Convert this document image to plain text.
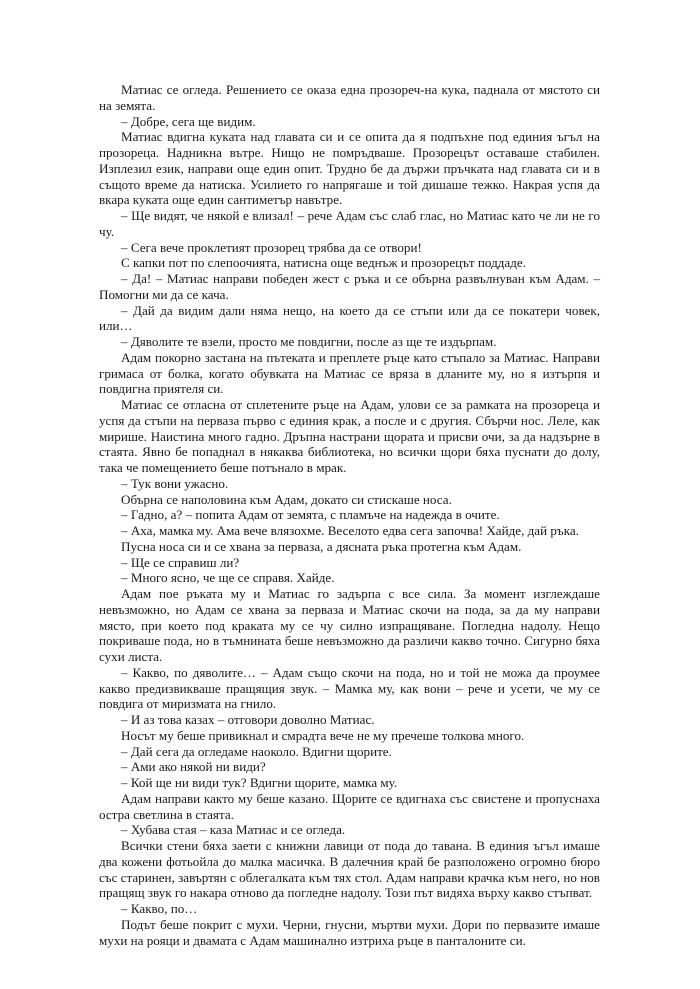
Матиас се огледа. Решението се оказа една прозореч-на кука, паднала от мястото си на земята.

– Добре, сега ще видим.

Матиас вдигна куката над главата си и се опита да я подпъхне под единия ъгъл на прозореца. Надникна вътре. Нищо не помръдваше. Прозорецът оставаше стабилен. Изплезил език, направи още един опит. Трудно бе да държи пръчката над главата си и в същото време да натиска. Усилието го напрягаше и той дишаше тежко. Накрая успя да вкара куката още един сантиметър навътре.

– Ще видят, че някой е влизал! – рече Адам със слаб глас, но Матиас като че ли не го чу.

– Сега вече проклетият прозорец трябва да се отвори!

С капки пот по слепоочията, натисна още веднъж и прозорецът поддаде.

– Да! – Матиас направи победен жест с ръка и се обърна развълнуван към Адам. – Помогни ми да се кача.

– Дай да видим дали няма нещо, на което да се стъпи или да се покатери човек, или…

– Дяволите те взели, просто ме повдигни, после аз ще те издърпам.

Адам покорно застана на пътеката и преплете ръце като стъпало за Матиас. Направи гримаса от болка, когато обувката на Матиас се вряза в дланите му, но я изтърпя и повдигна приятеля си.

Матиас се отласна от сплетените ръце на Адам, улови се за рамката на прозореца и успя да стъпи на перваза първо с единия крак, а после и с другия. Сбърчи нос. Леле, как мирише. Наистина много гадно. Дръпна настрани щората и присви очи, за да надзърне в стаята. Явно бе попаднал в някаква библиотека, но всички щори бяха пуснати до долу, така че помещението беше потънало в мрак.

– Тук вони ужасно.

Обърна се наполовина към Адам, докато си стискаше носа.

– Гадно, а? – попита Адам от земята, с пламъче на надежда в очите.

– Аха, мамка му. Ама вече влязохме. Веселото едва сега започва! Хайде, дай ръка.

Пусна носа си и се хвана за перваза, а дясната ръка протегна към Адам.

– Ще се справиш ли?

– Много ясно, че ще се справя. Хайде.

Адам пое ръката му и Матиас го задърпа с все сила. За момент изглеждаше невъзможно, но Адам се хвана за перваза и Матиас скочи на пода, за да му направи място, при което под краката му се чу силно изпращяване. Погледна надолу. Нещо покриваше пода, но в тъмнината беше невъзможно да различи какво точно. Сигурно бяха сухи листа.

– Какво, по дяволите… – Адам също скочи на пода, но и той не можа да проумее какво предизвикваше пращящия звук. – Мамка му, как вони – рече и усети, че му се повдига от миризмата на гнило.

– И аз това казах – отговори доволно Матиас.

Носът му беше привикнал и смрадта вече не му пречеше толкова много.

– Дай сега да огледаме наоколо. Вдигни щорите.

– Ами ако някой ни види?

– Кой ще ни види тук? Вдигни щорите, мамка му.

Адам направи както му беше казано. Щорите се вдигнаха със свистене и пропуснаха остра светлина в стаята.

– Хубава стая – каза Матиас и се огледа.

Всички стени бяха заети с книжни лавици от пода до тавана. В единия ъгъл имаше два кожени фотьойла до малка масичка. В далечния край бе разположено огромно бюро със старинен, завъртян с облегалката към тях стол. Адам направи крачка към него, но нов пращящ звук го накара отново да погледне надолу. Този път видяха върху какво стъпват.

– Какво, по…

Подът беше покрит с мухи. Черни, гнусни, мъртви мухи. Дори по первазите имаше мухи на рояци и двамата с Адам машинално изтриха ръце в панталоните си.
